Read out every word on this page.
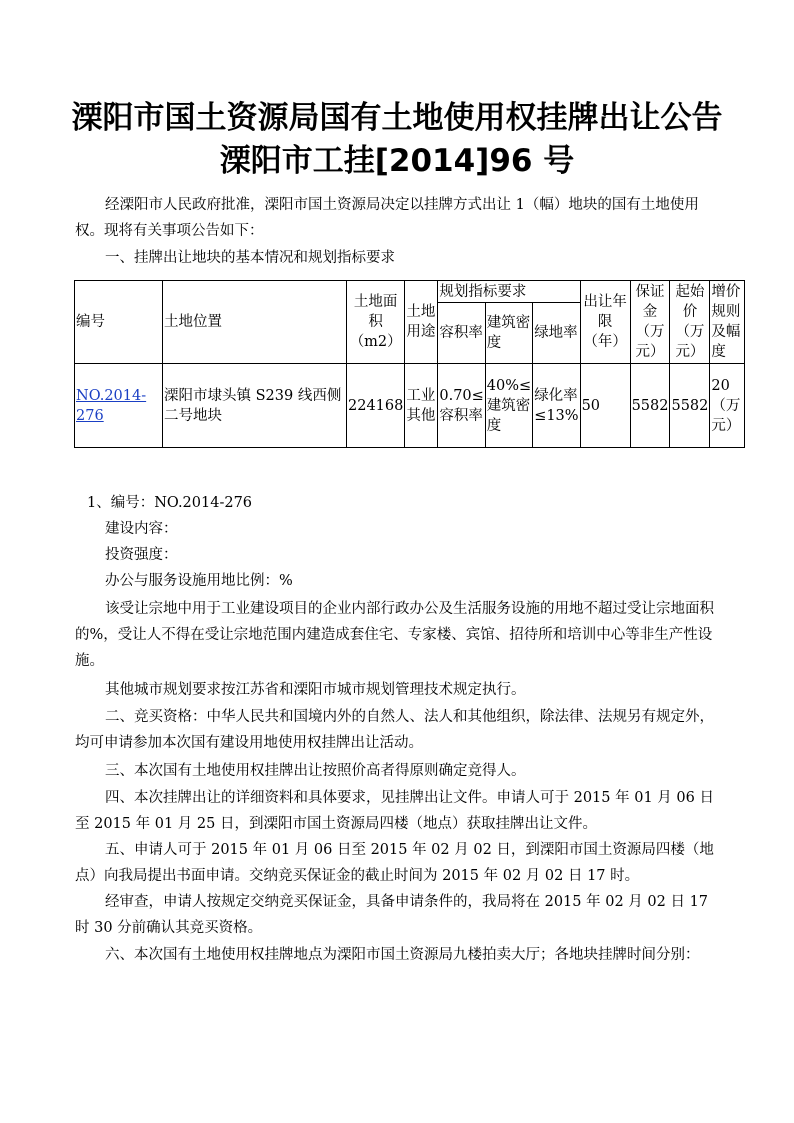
溧阳市国土资源局国有土地使用权挂牌出让公告
溧阳市工挂[2014]96 号
经溧阳市人民政府批准，溧阳市国土资源局决定以挂牌方式出让 1（幅）地块的国有土地使用权。现将有关事项公告如下：
一、挂牌出让地块的基本情况和规划指标要求
编号	土地位置	土地面积（m2）	土地用途	规划指标要求			出让年限（年）	保证金（万元）	起始价（万元）	增价规则及幅度
				容积率	建筑密度	绿地率				
NO.2014-276	溧阳市埭头镇 S239 线西侧二号地块	224168	工业其他	0.70≤容积率	40%≤建筑密度	绿化率≤13%	50	5582	5582	20（万元）
1、编号：NO.2014-276
建设内容：
投资强度：
办公与服务设施用地比例：%
该受让宗地中用于工业建设项目的企业内部行政办公及生活服务设施的用地不超过受让宗地面积的%，受让人不得在受让宗地范围内建造成套住宅、专家楼、宾馆、招待所和培训中心等非生产性设施。
其他城市规划要求按江苏省和溧阳市城市规划管理技术规定执行。
二、竞买资格：中华人民共和国境内外的自然人、法人和其他组织，除法律、法规另有规定外，均可申请参加本次国有建设用地使用权挂牌出让活动。
三、本次国有土地使用权挂牌出让按照价高者得原则确定竞得人。
四、本次挂牌出让的详细资料和具体要求，见挂牌出让文件。申请人可于 2015 年 01 月 06 日至 2015 年 01 月 25 日，到溧阳市国土资源局四楼（地点）获取挂牌出让文件。
五、申请人可于 2015 年 01 月 06 日至 2015 年 02 月 02 日，到溧阳市国土资源局四楼（地点）向我局提出书面申请。交纳竞买保证金的截止时间为 2015 年 02 月 02 日 17 时。
经审查，申请人按规定交纳竞买保证金，具备申请条件的，我局将在 2015 年 02 月 02 日 17 时 30 分前确认其竞买资格。
六、本次国有土地使用权挂牌地点为溧阳市国土资源局九楼拍卖大厅；各地块挂牌时间分别：
